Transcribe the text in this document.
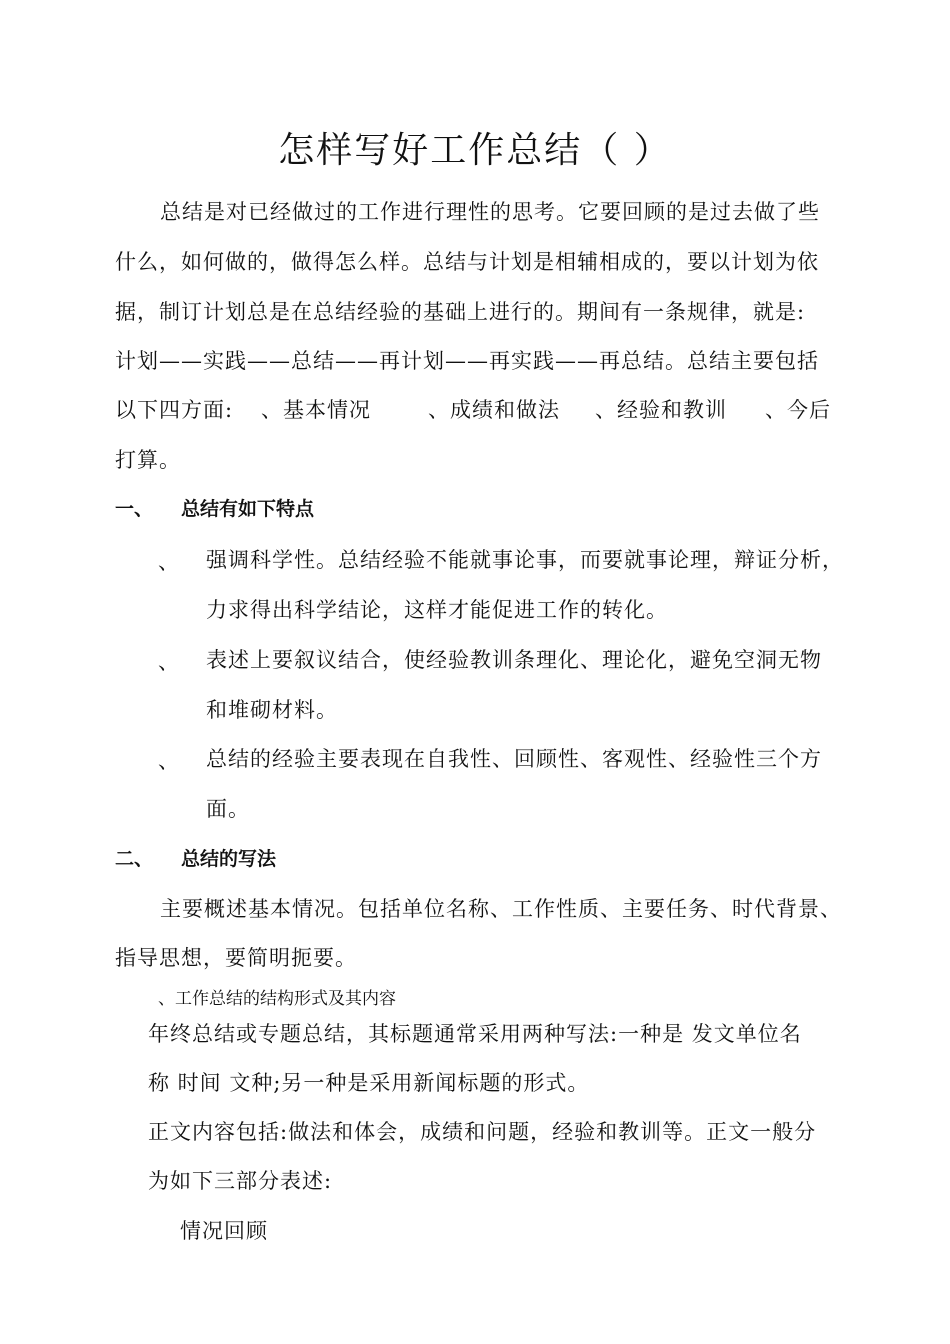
怎样写好工作总结（ ）
总结是对已经做过的工作进行理性的思考。它要回顾的是过去做了些
什么，如何做的，做得怎么样。总结与计划是相辅相成的，要以计划为依
据，制订计划总是在总结经验的基础上进行的。期间有一条规律，就是:
计划——实践——总结——再计划——再实践——再总结。总结主要包括
以下四方面: 、基本情况	、成绩和做法 、经验和教训 、今后
打算。
一、 总结有如下特点
、 强调科学性。总结经验不能就事论事，而要就事论理，辩证分析，
力求得出科学结论，这样才能促进工作的转化。
、 表述上要叙议结合，使经验教训条理化、理论化，避免空洞无物
和堆砌材料。
、 总结的经验主要表现在自我性、回顾性、客观性、经验性三个方
面。
二、 总结的写法
主要概述基本情况。包括单位名称、工作性质、主要任务、时代背景、
指导思想，要简明扼要。
、工作总结的结构形式及其内容
年终总结或专题总结，其标题通常采用两种写法:一种是 发文单位名
称 时间 文种;另一种是采用新闻标题的形式。
正文内容包括:做法和体会，成绩和问题，经验和教训等。正文一般分
为如下三部分表述:
情况回顾
